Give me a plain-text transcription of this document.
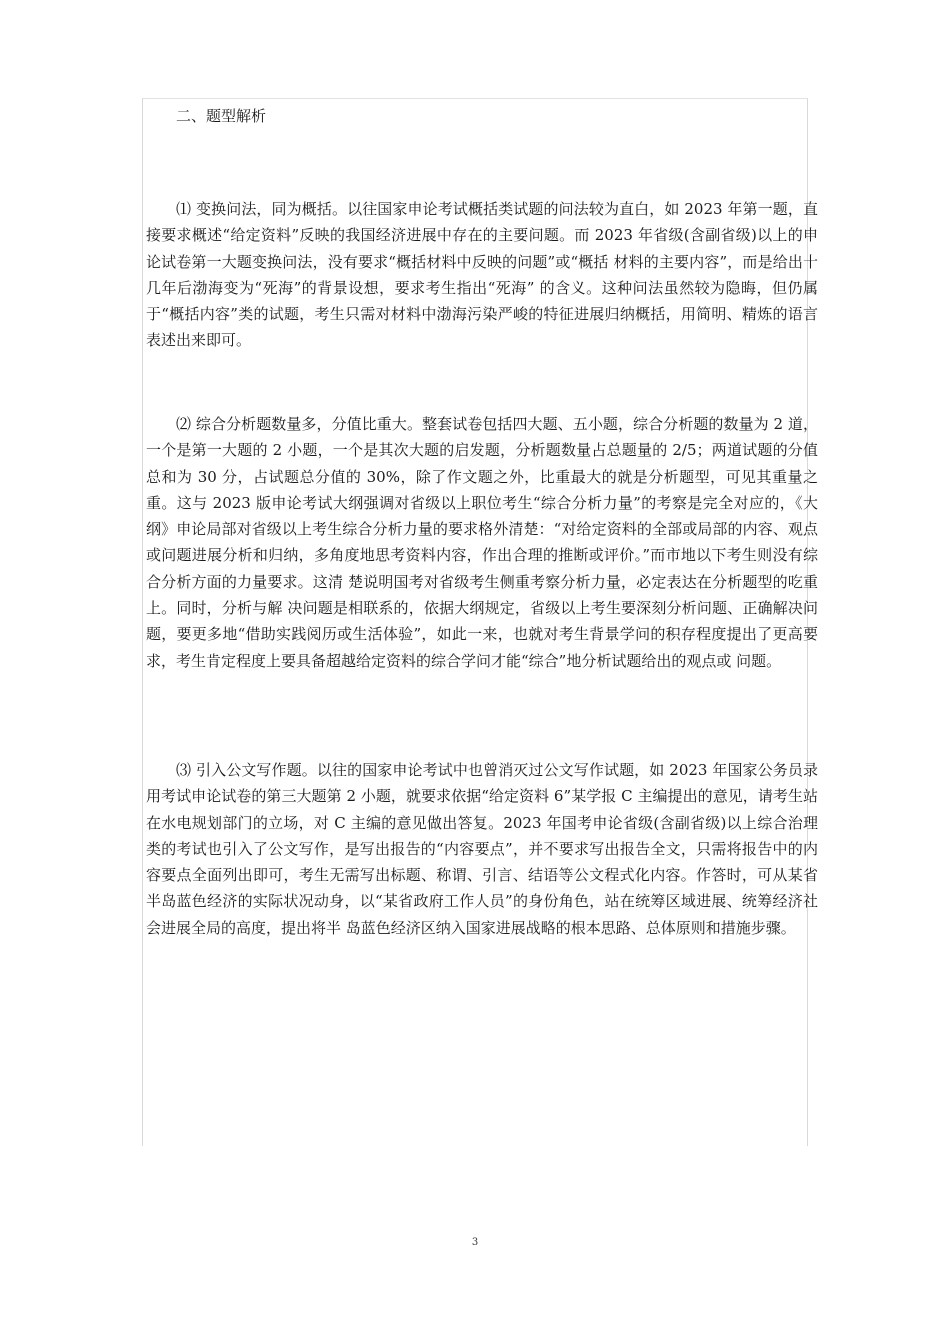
二、题型解析

⑴ 变换问法，同为概括。以往国家申论考试概括类试题的问法较为直白，如 2023 年第一题，直接要求概述“给定资料”反映的我国经济进展中存在的主要问题。而 2023 年省级(含副省级)以上的申论试卷第一大题变换问法，没有要求“概括材料中反映的问题”或“概括 材料的主要内容”，而是给出十几年后渤海变为“死海”的背景设想，要求考生指出“死海” 的含义。这种问法虽然较为隐晦，但仍属于“概括内容”类的试题，考生只需对材料中渤海污染严峻的特征进展归纳概括，用简明、精炼的语言表述出来即可。

⑵ 综合分析题数量多，分值比重大。整套试卷包括四大题、五小题，综合分析题的数量为 2 道，一个是第一大题的 2 小题，一个是其次大题的启发题，分析题数量占总题量的 2/5；两道试题的分值总和为 30 分，占试题总分值的 30%，除了作文题之外，比重最大的就是分析题型，可见其重量之重。这与 2023 版申论考试大纲强调对省级以上职位考生“综合分析力量”的考察是完全对应的，《大纲》申论局部对省级以上考生综合分析力量的要求格外清楚：“对给定资料的全部或局部的内容、观点或问题进展分析和归纳，多角度地思考资料内容，作出合理的推断或评价。”而市地以下考生则没有综合分析方面的力量要求。这清 楚说明国考对省级考生侧重考察分析力量，必定表达在分析题型的吃重上。同时，分析与解 决问题是相联系的，依据大纲规定，省级以上考生要深刻分析问题、正确解决问题，要更多地“借助实践阅历或生活体验”，如此一来，也就对考生背景学问的积存程度提出了更高要求，考生肯定程度上要具备超越给定资料的综合学问才能“综合”地分析试题给出的观点或 问题。

⑶ 引入公文写作题。以往的国家申论考试中也曾消灭过公文写作试题，如 2023 年国家公务员录用考试申论试卷的第三大题第 2 小题，就要求依据“给定资料 6”某学报 C 主编提出的意见，请考生站在水电规划部门的立场，对 C 主编的意见做出答复。2023 年国考申论省级(含副省级)以上综合治理类的考试也引入了公文写作，是写出报告的“内容要点”，并不要求写出报告全文，只需将报告中的内容要点全面列出即可，考生无需写出标题、称谓、引言、结语等公文程式化内容。作答时，可从某省半岛蓝色经济的实际状况动身，以“某省政府工作人员”的身份角色，站在统筹区域进展、统筹经济社会进展全局的高度，提出将半 岛蓝色经济区纳入国家进展战略的根本思路、总体原则和措施步骤。

3
